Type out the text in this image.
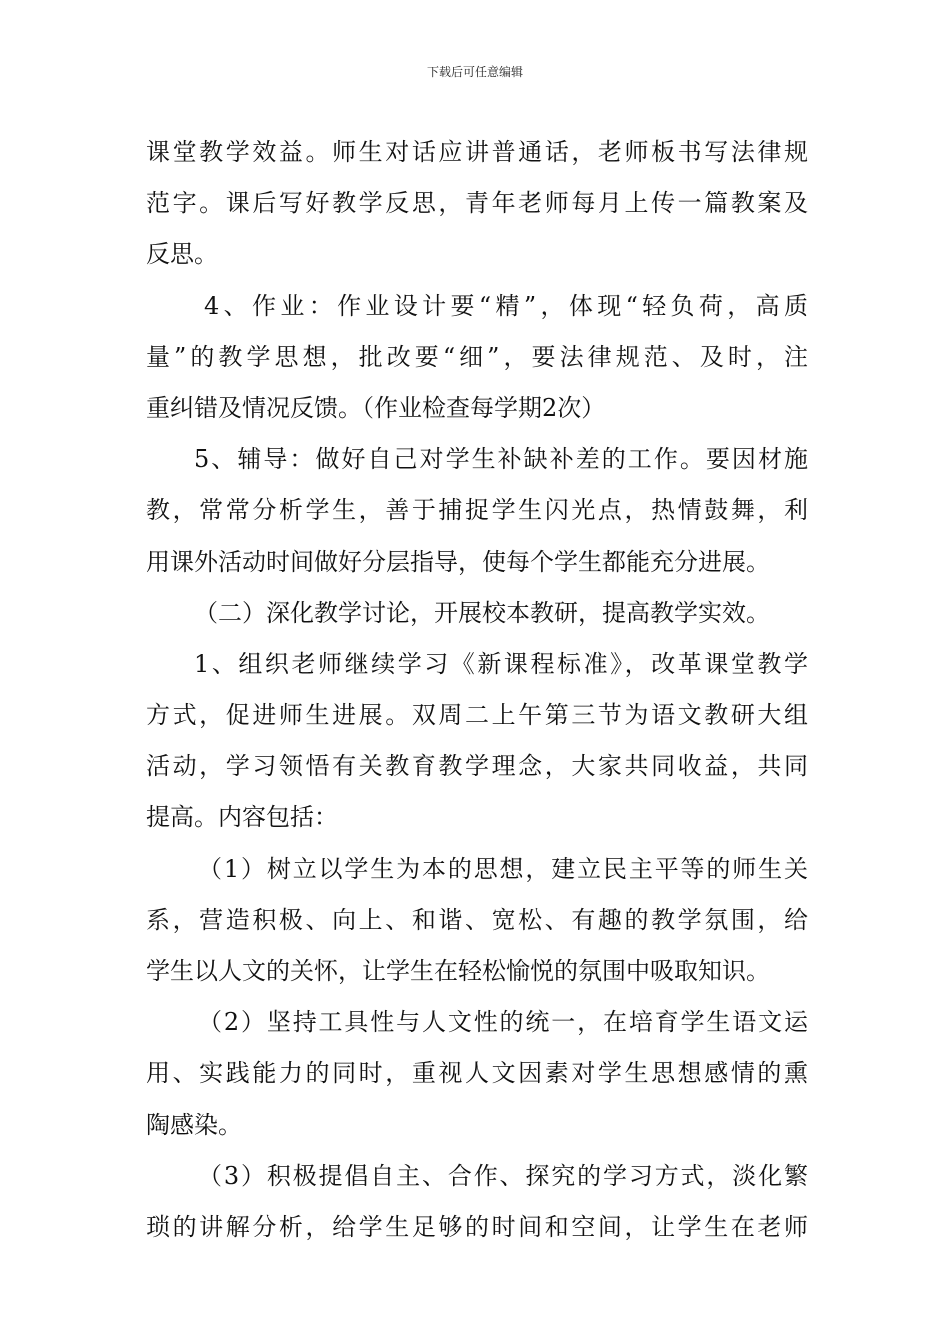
下载后可任意编辑
课堂教学效益。师生对话应讲普通话，老师板书写法律规
范字。课后写好教学反思，青年老师每月上传一篇教案及
反思。
4、作业：作业设计要“精”，体现“轻负荷，高质
量”的教学思想，批改要“细”，要法律规范、及时，注
重纠错及情况反馈。（作业检查每学期2次）
5、辅导：做好自己对学生补缺补差的工作。要因材施
教，常常分析学生，善于捕捉学生闪光点，热情鼓舞，利
用课外活动时间做好分层指导，使每个学生都能充分进展。
（二）深化教学讨论，开展校本教研，提高教学实效。
1、组织老师继续学习《新课程标准》，改革课堂教学
方式，促进师生进展。双周二上午第三节为语文教研大组
活动，学习领悟有关教育教学理念，大家共同收益，共同
提高。内容包括：
（1）树立以学生为本的思想，建立民主平等的师生关
系，营造积极、向上、和谐、宽松、有趣的教学氛围，给
学生以人文的关怀，让学生在轻松愉悦的氛围中吸取知识。
（2）坚持工具性与人文性的统一，在培育学生语文运
用、实践能力的同时，重视人文因素对学生思想感情的熏
陶感染。
（3）积极提倡自主、合作、探究的学习方式，淡化繁
琐的讲解分析，给学生足够的时间和空间，让学生在老师
